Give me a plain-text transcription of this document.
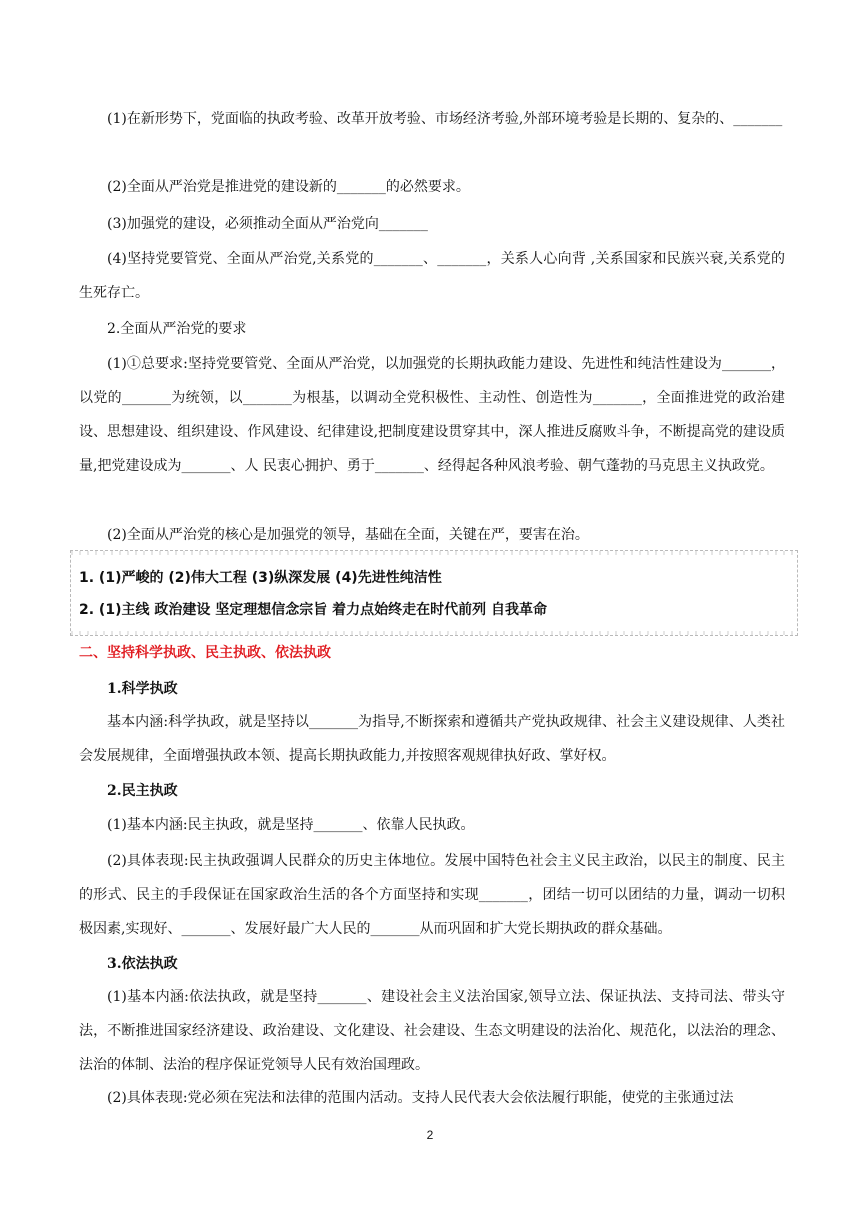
(1)在新形势下，党面临的执政考验、改革开放考验、市场经济考验,外部环境考验是长期的、复杂的、_______

(2)全面从严治党是推进党的建设新的_______的必然要求。

(3)加强党的建设，必须推动全面从严治党向_______

(4)坚持党要管党、全面从严治党,关系党的_______、_______，关系人心向背 ,关系国家和民族兴衰,关系党的生死存亡。

2.全面从严治党的要求

(1)①总要求:坚持党要管党、全面从严治党，以加强党的长期执政能力建设、先进性和纯洁性建设为_______，以党的_______为统领，以_______为根基，以调动全党积极性、主动性、创造性为_______，全面推进党的政治建设、思想建设、组织建设、作风建设、纪律建设,把制度建设贯穿其中，深人推进反腐败斗争，不断提高党的建设质量,把党建设成为_______、人 民衷心拥护、勇于_______、经得起各种风浪考验、朝气蓬勃的马克思主义执政党。

(2)全面从严治党的核心是加强党的领导，基础在全面，关键在严，要害在治。

1. (1)严峻的 (2)伟大工程 (3)纵深发展 (4)先进性纯洁性

2. (1)主线 政治建设 坚定理想信念宗旨 着力点始终走在时代前列 自我革命

二、坚持科学执政、民主执政、依法执政

1.科学执政

基本内涵:科学执政，就是坚持以_______为指导,不断探索和遵循共产党执政规律、社会主义建设规律、人类社会发展规律，全面增强执政本领、提高长期执政能力,并按照客观规律执好政、掌好权。

2.民主执政

(1)基本内涵:民主执政，就是坚持_______、依靠人民执政。

(2)具体表现:民主执政强调人民群众的历史主体地位。发展中国特色社会主义民主政治，以民主的制度、民主的形式、民主的手段保证在国家政治生活的各个方面坚持和实现_______，团结一切可以团结的力量，调动一切积极因素,实现好、_______、发展好最广大人民的_______从而巩固和扩大党长期执政的群众基础。

3.依法执政

(1)基本内涵:依法执政，就是坚持_______、建设社会主义法治国家,领导立法、保证执法、支持司法、带头守法，不断推进国家经济建设、政治建设、文化建设、社会建设、生态文明建设的法治化、规范化，以法治的理念、法治的体制、法治的程序保证党领导人民有效治国理政。

(2)具体表现:党必须在宪法和法律的范围内活动。支持人民代表大会依法履行职能，使党的主张通过法

2
